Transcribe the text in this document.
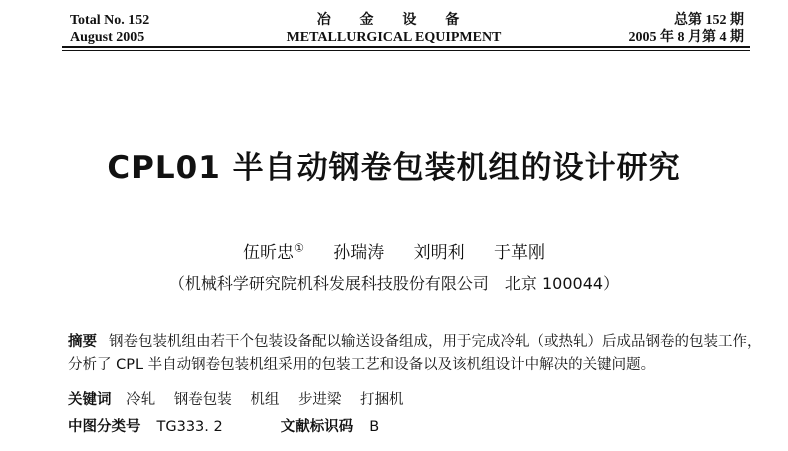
Total No. 152
August 2005
冶 金 设 备
METALLURGICAL EQUIPMENT
总第 152 期
2005 年 8 月第 4 期
CPL01 半自动钢卷包装机组的设计研究
伍昕忠① 孙瑞涛 刘明利 于革刚
（机械科学研究院机科发展科技股份有限公司　北京 100044）
摘要 钢卷包装机组由若干个包装设备配以输送设备组成，用于完成冷轧（或热轧）后成品钢卷的包装工作，分析了 CPL 半自动钢卷包装机组采用的包装工艺和设备以及该机组设计中解决的关键问题。
关键词 冷轧 钢卷包装 机组 步进梁 打捆机
中图分类号 TG333. 2	文献标识码 B
